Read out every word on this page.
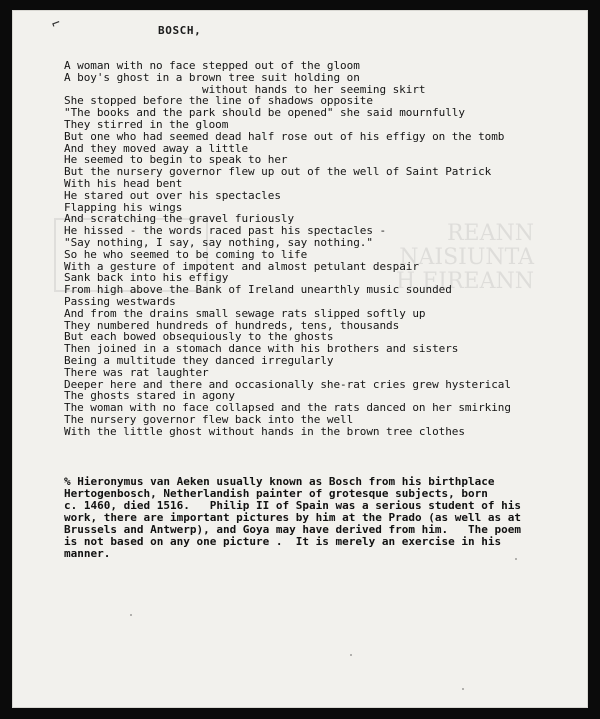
⌐	BOSCH,
REANN
NAISIUNTA
H EIREANN
A woman with no face stepped out of the gloom
A boy's ghost in a brown tree suit holding on
without hands to her seeming skirt
She stopped before the line of shadows opposite
"The books and the park should be opened" she said mournfully
They stirred in the gloom
But one who had seemed dead half rose out of his effigy on the tomb
And they moved away a little
He seemed to begin to speak to her
But the nursery governor flew up out of the well of Saint Patrick
With his head bent
He stared out over his spectacles
Flapping his wings
And scratching the gravel furiously
He hissed - the words raced past his spectacles -
"Say nothing, I say, say nothing, say nothing."
So he who seemed to be coming to life
With a gesture of impotent and almost petulant despair
Sank back into his effigy
From high above the Bank of Ireland unearthly music sounded
Passing westwards
And from the drains small sewage rats slipped softly up
They numbered hundreds of hundreds, tens, thousands
But each bowed obsequiously to the ghosts
Then joined in a stomach dance with his brothers and sisters
Being a multitude they danced irregularly
There was rat laughter
Deeper here and there and occasionally she-rat cries grew hysterical
The ghosts stared in agony
The woman with no face collapsed and the rats danced on her smirking
The nursery governor flew back into the well
With the little ghost without hands in the brown tree clothes
% Hieronymus van Aeken usually known as Bosch from his birthplace
Hertogenbosch, Netherlandish painter of grotesque subjects, born
c. 1460, died 1516.   Philip II of Spain was a serious student of his
work, there are important pictures by him at the Prado (as well as at
Brussels and Antwerp), and Goya may have derived from him.   The poem
is not based on any one picture .  It is merely an exercise in his
manner.
